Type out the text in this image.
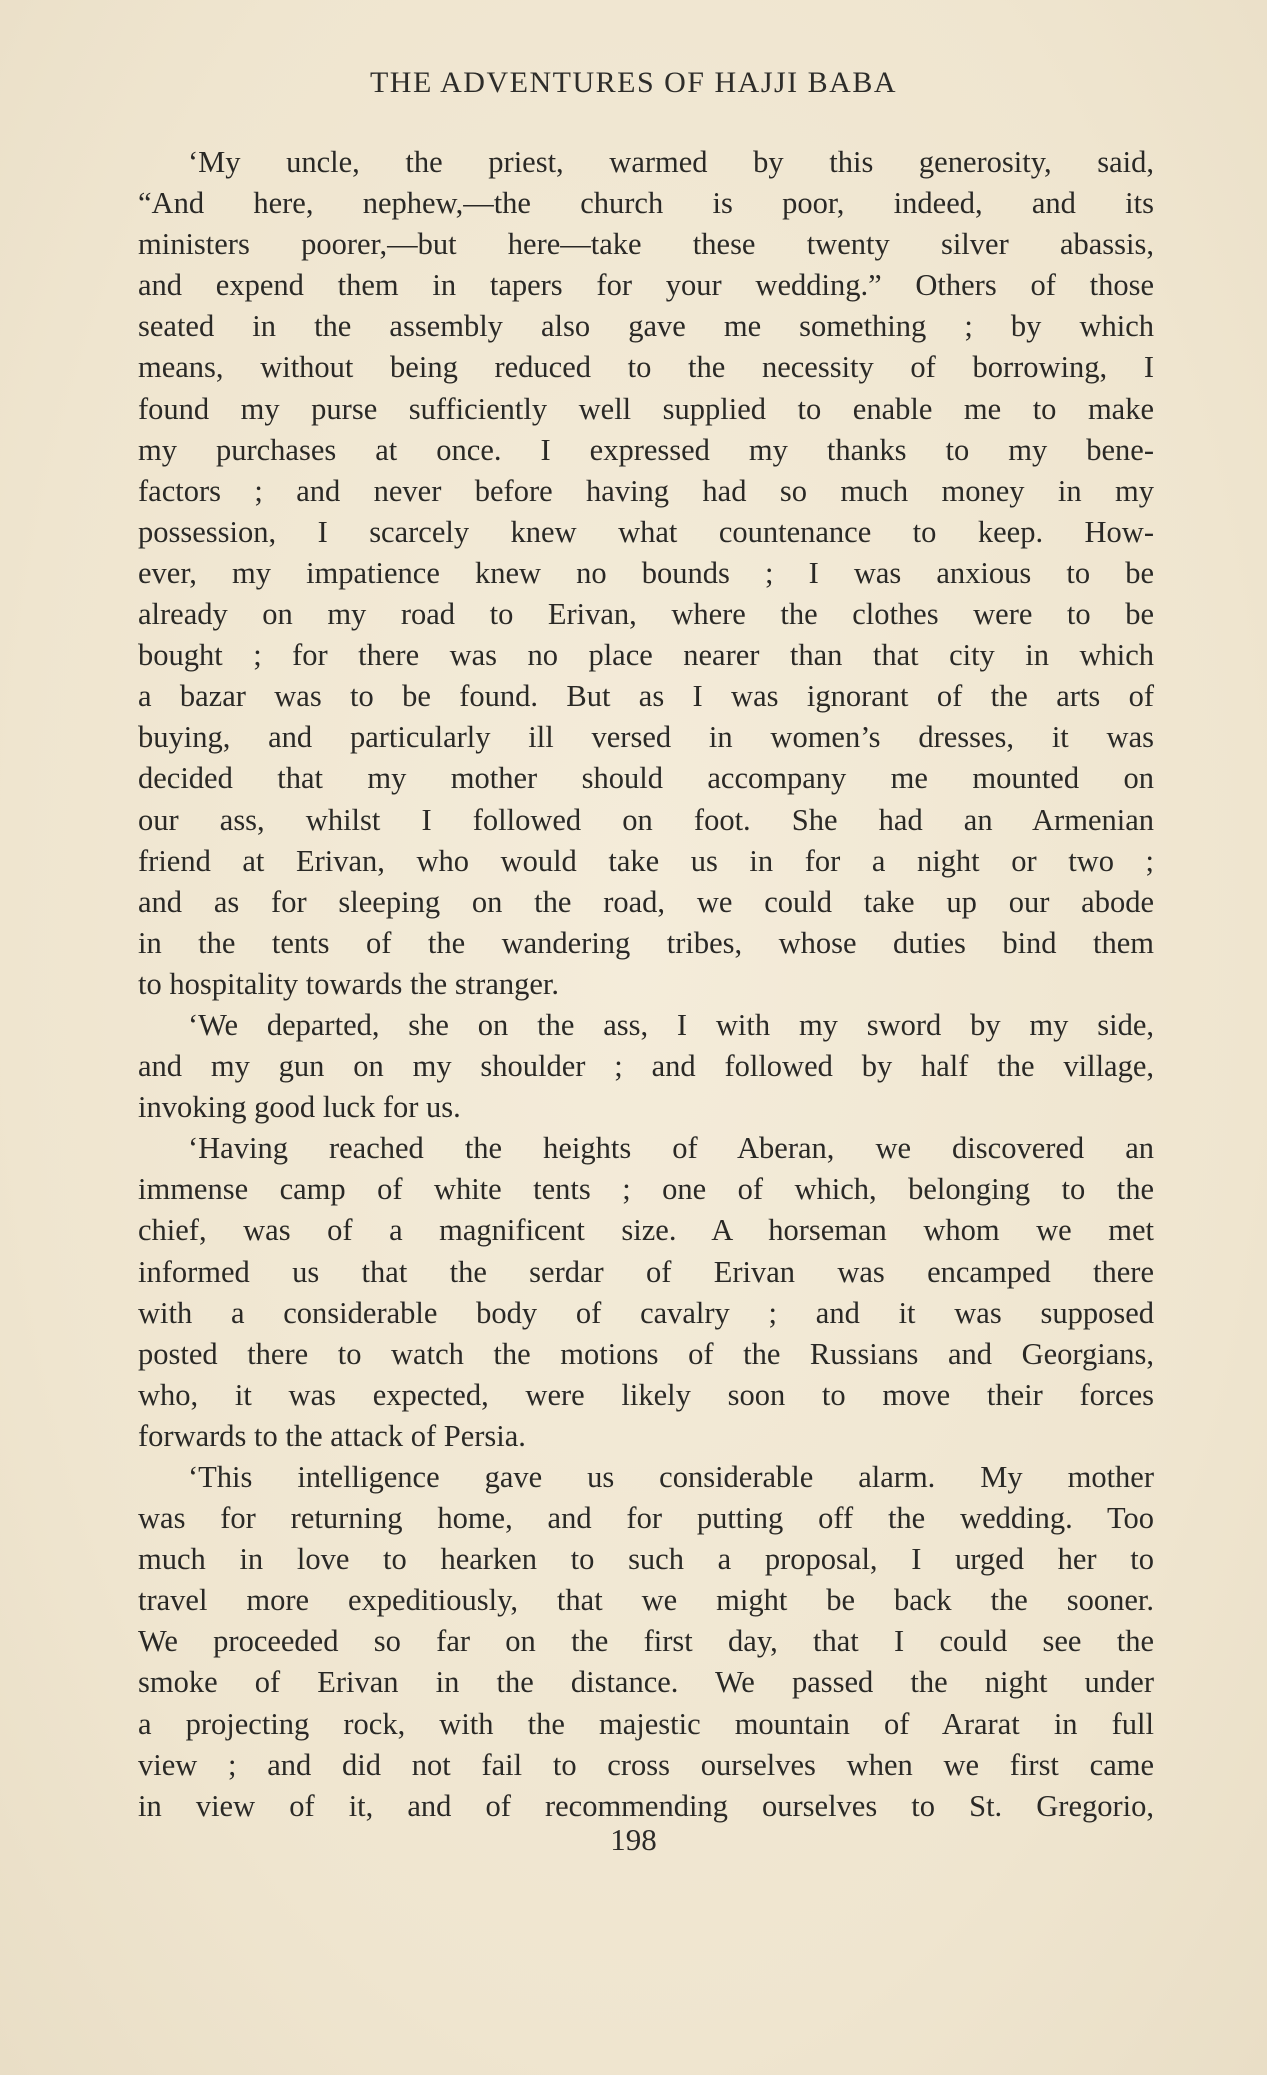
THE ADVENTURES OF HAJJI BABA
‘My uncle, the priest, warmed by this generosity, said,
“And here, nephew,—the church is poor, indeed, and its
ministers poorer,—but here—take these twenty silver abassis,
and expend them in tapers for your wedding.” Others of those
seated in the assembly also gave me something ; by which
means, without being reduced to the necessity of borrowing, I
found my purse sufficiently well supplied to enable me to make
my purchases at once. I expressed my thanks to my bene-
factors ; and never before having had so much money in my
possession, I scarcely knew what countenance to keep. How-
ever, my impatience knew no bounds ; I was anxious to be
already on my road to Erivan, where the clothes were to be
bought ; for there was no place nearer than that city in which
a bazar was to be found. But as I was ignorant of the arts of
buying, and particularly ill versed in women’s dresses, it was
decided that my mother should accompany me mounted on
our ass, whilst I followed on foot. She had an Armenian
friend at Erivan, who would take us in for a night or two ;
and as for sleeping on the road, we could take up our abode
in the tents of the wandering tribes, whose duties bind them
to hospitality towards the stranger.
‘We departed, she on the ass, I with my sword by my side,
and my gun on my shoulder ; and followed by half the village,
invoking good luck for us.
‘Having reached the heights of Aberan, we discovered an
immense camp of white tents ; one of which, belonging to the
chief, was of a magnificent size. A horseman whom we met
informed us that the serdar of Erivan was encamped there
with a considerable body of cavalry ; and it was supposed
posted there to watch the motions of the Russians and Georgians,
who, it was expected, were likely soon to move their forces
forwards to the attack of Persia.
‘This intelligence gave us considerable alarm. My mother
was for returning home, and for putting off the wedding. Too
much in love to hearken to such a proposal, I urged her to
travel more expeditiously, that we might be back the sooner.
We proceeded so far on the first day, that I could see the
smoke of Erivan in the distance. We passed the night under
a projecting rock, with the majestic mountain of Ararat in full
view ; and did not fail to cross ourselves when we first came
in view of it, and of recommending ourselves to St. Gregorio,
198
